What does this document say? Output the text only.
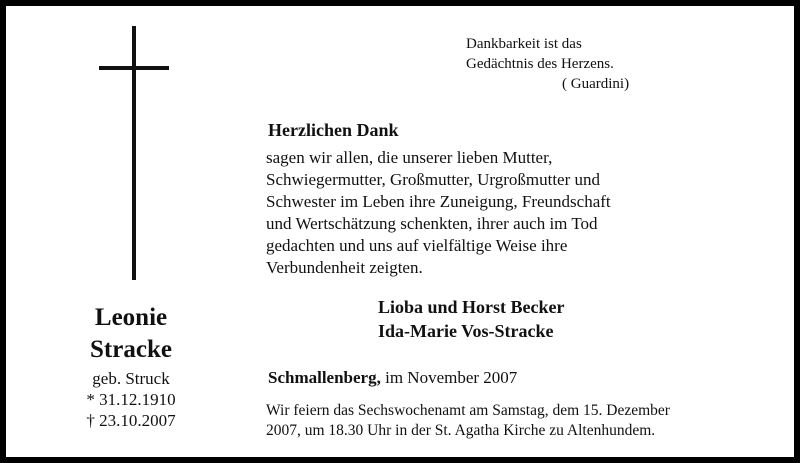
Dankbarkeit ist das
Gedächtnis des Herzens.
( Guardini)
Leonie
Stracke
geb. Struck
* 31.12.1910
† 23.10.2007
Herzlichen Dank
sagen wir allen, die unserer lieben Mutter,
Schwiegermutter, Großmutter, Urgroßmutter und
Schwester im Leben ihre Zuneigung, Freundschaft
und Wertschätzung schenkten, ihrer auch im Tod
gedachten und uns auf vielfältige Weise ihre
Verbundenheit zeigten.
Lioba und Horst Becker
Ida-Marie Vos-Stracke
Schmallenberg, im November 2007
Wir feiern das Sechswochenamt am Samstag, dem 15. Dezember
2007, um 18.30 Uhr in der St. Agatha Kirche zu Altenhundem.
